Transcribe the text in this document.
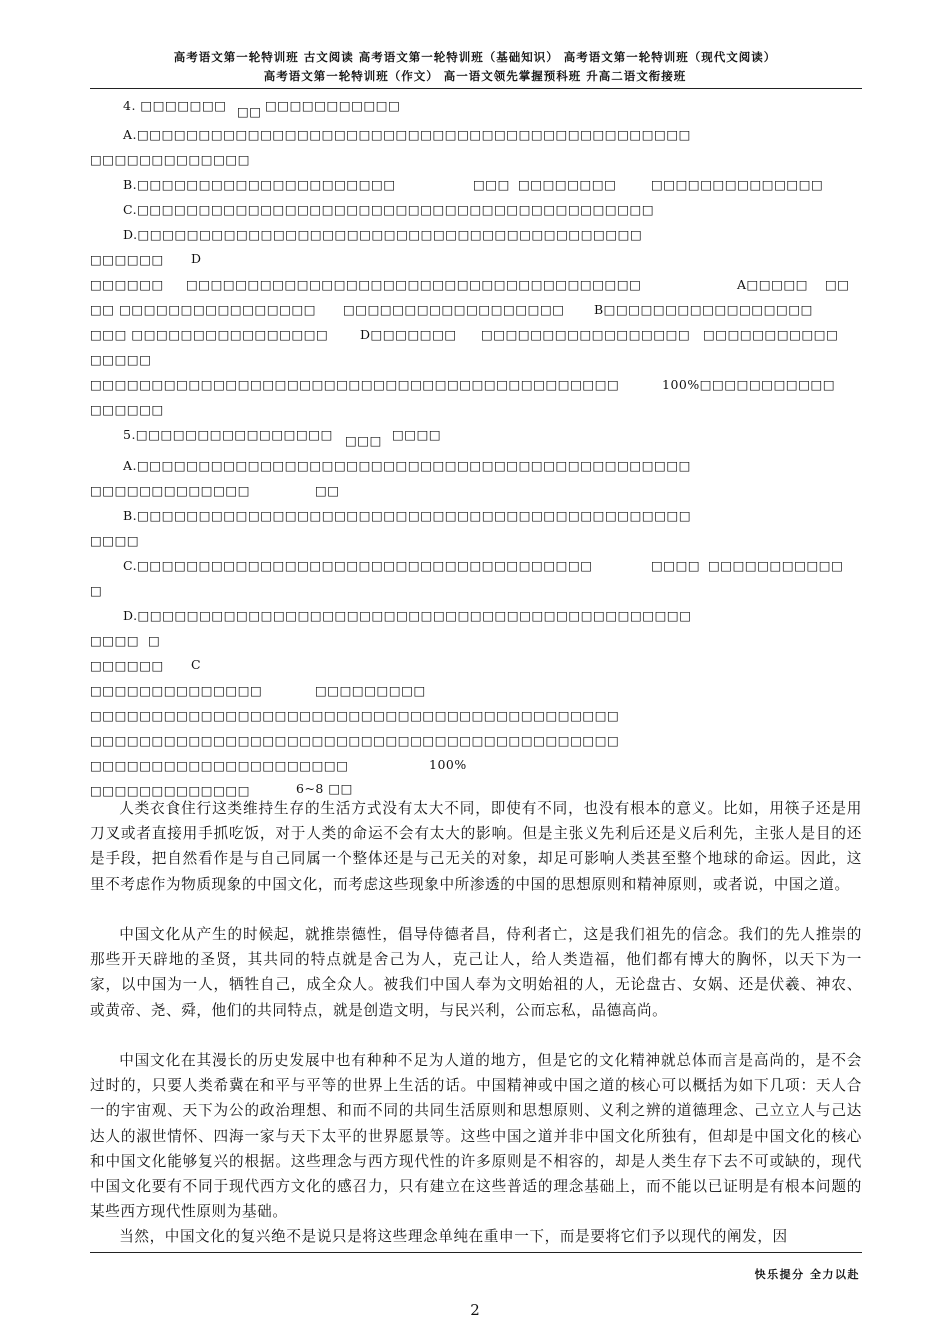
高考语文第一轮特训班 古文阅读 高考语文第一轮特训班（基础知识） 高考语文第一轮特训班（现代文阅读）
高考语文第一轮特训班（作文） 高一语文领先掌握预科班 升高二语文衔接班
4. □□□□□□□ □□ □□□□□□□□□□□
A.□□□□□□□□□□□□□□□□□□□□□□□□□□□□□□□□□□□□□□□□□□□□□
□□□□□□□□□□□□□
B.□□□□□□□□□□□□□□□□□□□□□	□□□ □□□□□□□□	□□□□□□□□□□□□□□
C.□□□□□□□□□□□□□□□□□□□□□□□□□□□□□□□□□□□□□□□□□□
D.□□□□□□□□□□□□□□□□□□□□□□□□□□□□□□□□□□□□□□□□□
□□□□□□ D
□□□□□□ □□□□□□□□□□□□□□□□□□□□□□□□□□□□□□□□□□□□□	A□□□□□ □□
□□ □□□□□□□□□□□□□□□□ □□□□□□□□□□□□□□□□□□ B□□□□□□□□□□□□□□□□□
□□□ □□□□□□□□□□□□□□□□	D□□□□□□□ □□□□□□□□□□□□□□□□□ □□□□□□□□□□□
□□□□□
□□□□□□□□□□□□□□□□□□□□□□□□□□□□□□□□□□□□□□□□□□□	100%□□□□□□□□□□□
□□□□□□
5.□□□□□□□□□□□□□□□□ □□□ □□□□
A.□□□□□□□□□□□□□□□□□□□□□□□□□□□□□□□□□□□□□□□□□□□□□
□□□□□□□□□□□□□	□□
B.□□□□□□□□□□□□□□□□□□□□□□□□□□□□□□□□□□□□□□□□□□□□□
□□□□
C.□□□□□□□□□□□□□□□□□□□□□□□□□□□□□□□□□□□□□	□□□□ □□□□□□□□□□□
□
D.□□□□□□□□□□□□□□□□□□□□□□□□□□□□□□□□□□□□□□□□□□□□□
□□□□ □
□□□□□□ C
□□□□□□□□□□□□□□	□□□□□□□□□
□□□□□□□□□□□□□□□□□□□□□□□□□□□□□□□□□□□□□□□□□□□
□□□□□□□□□□□□□□□□□□□□□□□□□□□□□□□□□□□□□□□□□□□
□□□□□□□□□□□□□□□□□□□□□	100%
□□□□□□□□□□□□□	6~8 □□

人类衣食住行这类维持生存的生活方式没有太大不同，即使有不同，也没有根本的意义。比如，用筷子还是用刀叉或者直接用手抓吃饭，对于人类的命运不会有太大的影响。但是主张义先利后还是义后利先，主张人是目的还是手段，把自然看作是与自己同属一个整体还是与己无关的对象，却足可影响人类甚至整个地球的命运。因此，这里不考虑作为物质现象的中国文化，而考虑这些现象中所渗透的中国的思想原则和精神原则，或者说，中国之道。

中国文化从产生的时候起，就推崇德性，倡导侍德者昌，侍利者亡，这是我们祖先的信念。我们的先人推崇的那些开天辟地的圣贤，其共同的特点就是舍己为人，克己让人，给人类造福，他们都有博大的胸怀，以天下为一家，以中国为一人，牺牲自己，成全众人。被我们中国人奉为文明始祖的人，无论盘古、女娲、还是伏羲、神农、或黄帝、尧、舜，他们的共同特点，就是创造文明，与民兴利，公而忘私，品德高尚。

中国文化在其漫长的历史发展中也有种种不足为人道的地方，但是它的文化精神就总体而言是高尚的，是不会过时的，只要人类希冀在和平与平等的世界上生活的话。中国精神或中国之道的核心可以概括为如下几项：天人合一的宇宙观、天下为公的政治理想、和而不同的共同生活原则和思想原则、义利之辨的道德理念、己立立人与己达达人的淑世情怀、四海一家与天下太平的世界愿景等。这些中国之道并非中国文化所独有，但却是中国文化的核心和中国文化能够复兴的根据。这些理念与西方现代性的许多原则是不相容的，却是人类生存下去不可或缺的，现代中国文化要有不同于现代西方文化的感召力，只有建立在这些普适的理念基础上，而不能以已证明是有根本问题的某些西方现代性原则为基础。

当然，中国文化的复兴绝不是说只是将这些理念单纯在重申一下，而是要将它们予以现代的阐发，因

快乐提分 全力以赴
2
